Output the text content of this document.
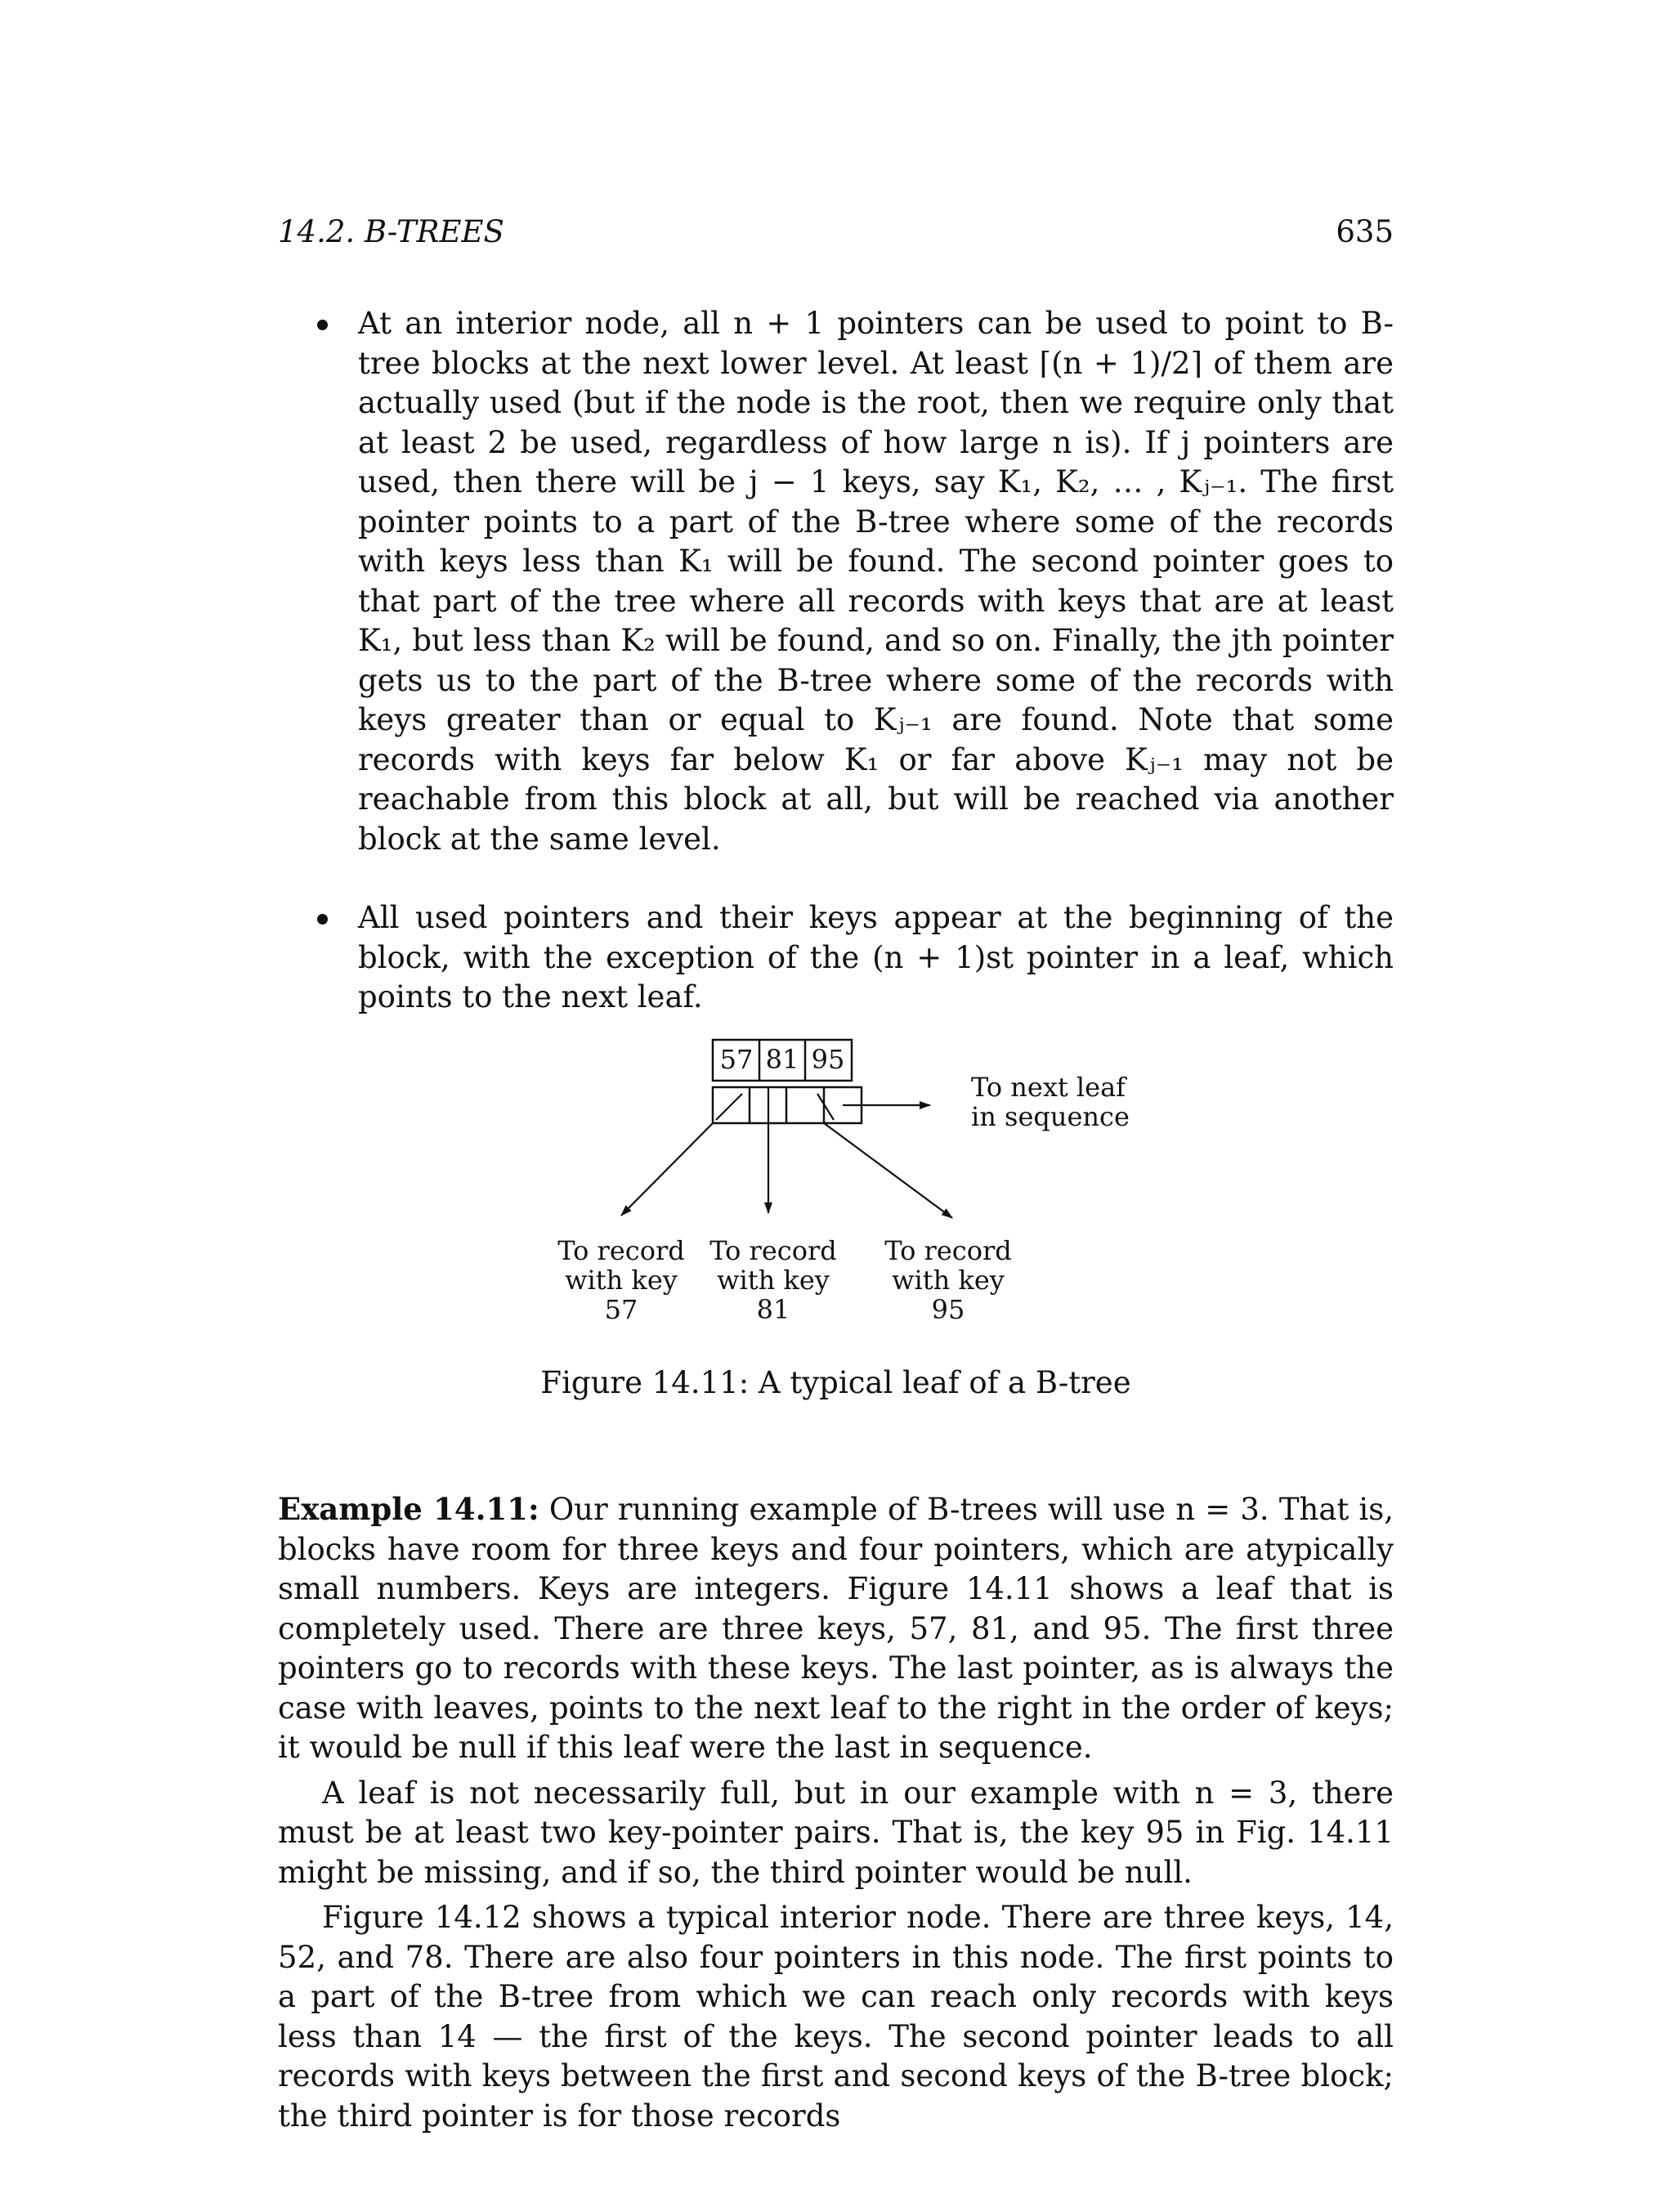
14.2. B-TREES	635
At an interior node, all n + 1 pointers can be used to point to B-tree blocks at the next lower level. At least ⌈(n + 1)/2⌉ of them are actually used (but if the node is the root, then we require only that at least 2 be used, regardless of how large n is). If j pointers are used, then there will be j − 1 keys, say K₁, K₂, … , Kⱼ₋₁. The first pointer points to a part of the B-tree where some of the records with keys less than K₁ will be found. The second pointer goes to that part of the tree where all records with keys that are at least K₁, but less than K₂ will be found, and so on. Finally, the jth pointer gets us to the part of the B-tree where some of the records with keys greater than or equal to Kⱼ₋₁ are found. Note that some records with keys far below K₁ or far above Kⱼ₋₁ may not be reachable from this block at all, but will be reached via another block at the same level.
All used pointers and their keys appear at the beginning of the block, with the exception of the (n + 1)st pointer in a leaf, which points to the next leaf.
57 81 95
To next leaf
in sequence
To record
with key
57
To record
with key
81
To record
with key
95
Figure 14.11: A typical leaf of a B-tree

Example 14.11: Our running example of B-trees will use n = 3. That is, blocks have room for three keys and four pointers, which are atypically small numbers. Keys are integers. Figure 14.11 shows a leaf that is completely used. There are three keys, 57, 81, and 95. The first three pointers go to records with these keys. The last pointer, as is always the case with leaves, points to the next leaf to the right in the order of keys; it would be null if this leaf were the last in sequence.

A leaf is not necessarily full, but in our example with n = 3, there must be at least two key-pointer pairs. That is, the key 95 in Fig. 14.11 might be missing, and if so, the third pointer would be null.

Figure 14.12 shows a typical interior node. There are three keys, 14, 52, and 78. There are also four pointers in this node. The first points to a part of the B-tree from which we can reach only records with keys less than 14 — the first of the keys. The second pointer leads to all records with keys between the first and second keys of the B-tree block; the third pointer is for those records
